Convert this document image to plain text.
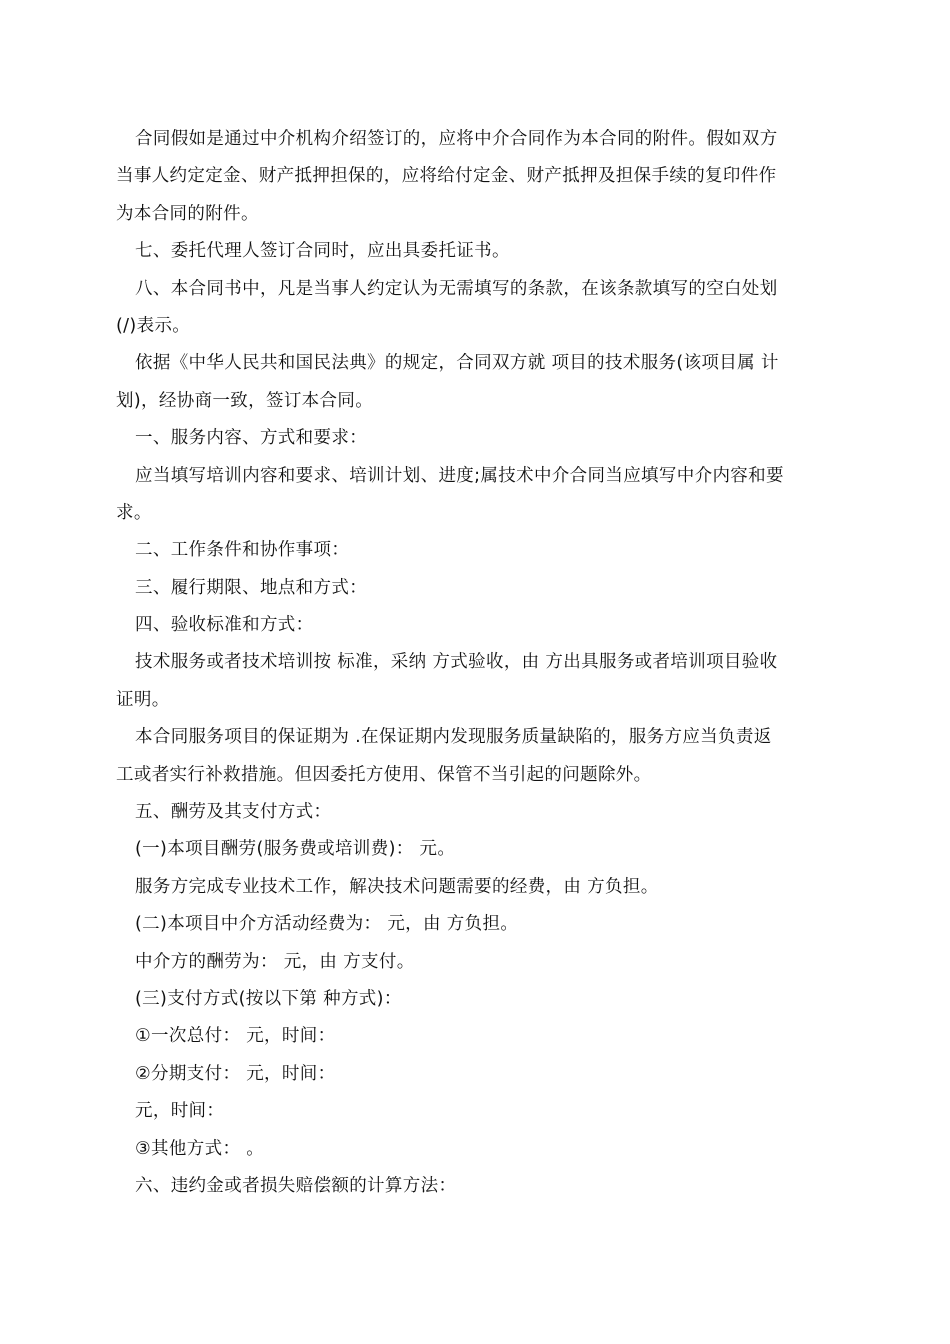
合同假如是通过中介机构介绍签订的，应将中介合同作为本合同的附件。假如双方

当事人约定定金、财产抵押担保的，应将给付定金、财产抵押及担保手续的复印件作

为本合同的附件。

七、委托代理人签订合同时，应出具委托证书。

八、本合同书中，凡是当事人约定认为无需填写的条款，在该条款填写的空白处划

(/)表示。

依据《中华人民共和国民法典》的规定，合同双方就 项目的技术服务(该项目属 计

划)，经协商一致，签订本合同。

一、服务内容、方式和要求：

应当填写培训内容和要求、培训计划、进度;属技术中介合同当应填写中介内容和要

求。

二、工作条件和协作事项：

三、履行期限、地点和方式：

四、验收标准和方式：

技术服务或者技术培训按 标准，采纳 方式验收，由 方出具服务或者培训项目验收

证明。

本合同服务项目的保证期为 .在保证期内发现服务质量缺陷的，服务方应当负责返

工或者实行补救措施。但因委托方使用、保管不当引起的问题除外。

五、酬劳及其支付方式：

(一)本项目酬劳(服务费或培训费)： 元。

服务方完成专业技术工作，解决技术问题需要的经费，由 方负担。

(二)本项目中介方活动经费为： 元，由 方负担。

中介方的酬劳为： 元，由 方支付。

(三)支付方式(按以下第 种方式)：

①一次总付： 元，时间：

②分期支付： 元，时间：

元，时间：

③其他方式： 。

六、违约金或者损失赔偿额的计算方法：
